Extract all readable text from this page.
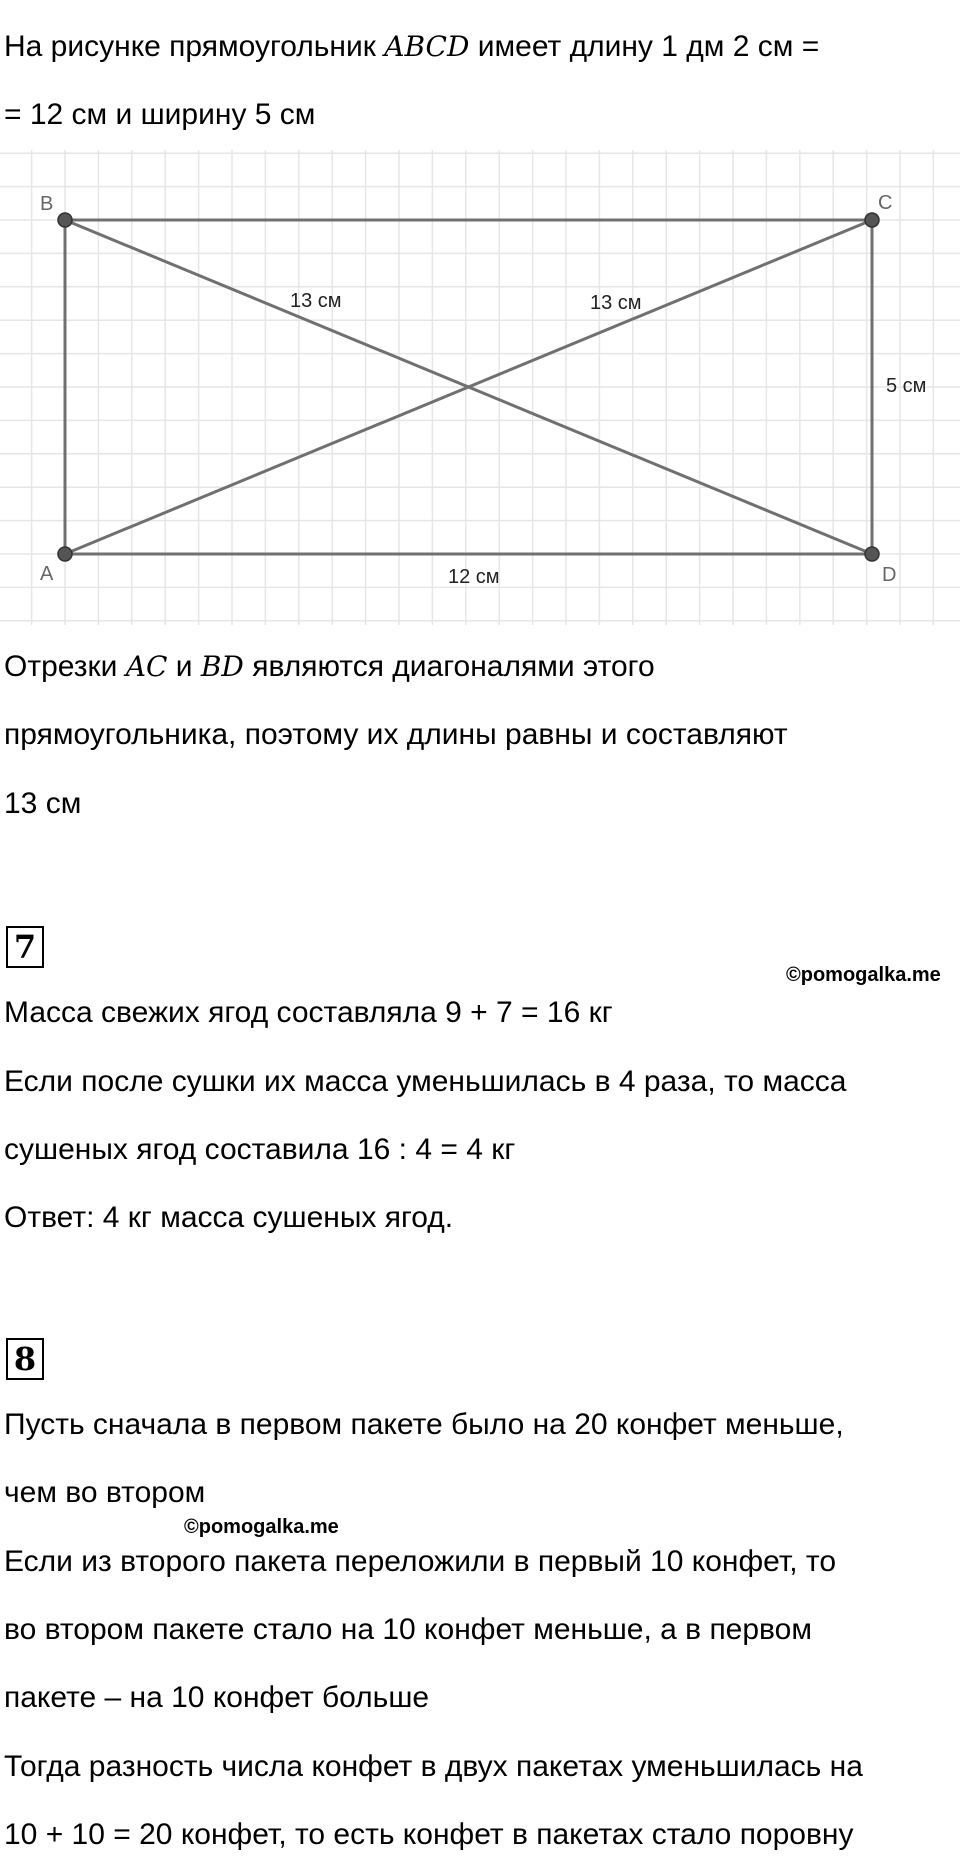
На рисунке прямоугольник ABCD имеет длину 1 дм 2 см =
= 12 см и ширину 5 см
B	C
A	D
13 см	13 см
5 см
12 см
Отрезки AC и BD являются диагоналями этого
прямоугольника, поэтому их длины равны и составляют
13 см
7
©pomogalka.me
Масса свежих ягод составляла 9 + 7 = 16 кг
Если после сушки их масса уменьшилась в 4 раза, то масса
сушеных ягод составила 16 : 4 = 4 кг
Ответ: 4 кг масса сушеных ягод.
8
Пусть сначала в первом пакете было на 20 конфет меньше,
чем во втором
©pomogalka.me
Если из второго пакета переложили в первый 10 конфет, то
во втором пакете стало на 10 конфет меньше, а в первом
пакете – на 10 конфет больше
Тогда разность числа конфет в двух пакетах уменьшилась на
10 + 10 = 20 конфет, то есть конфет в пакетах стало поровну
